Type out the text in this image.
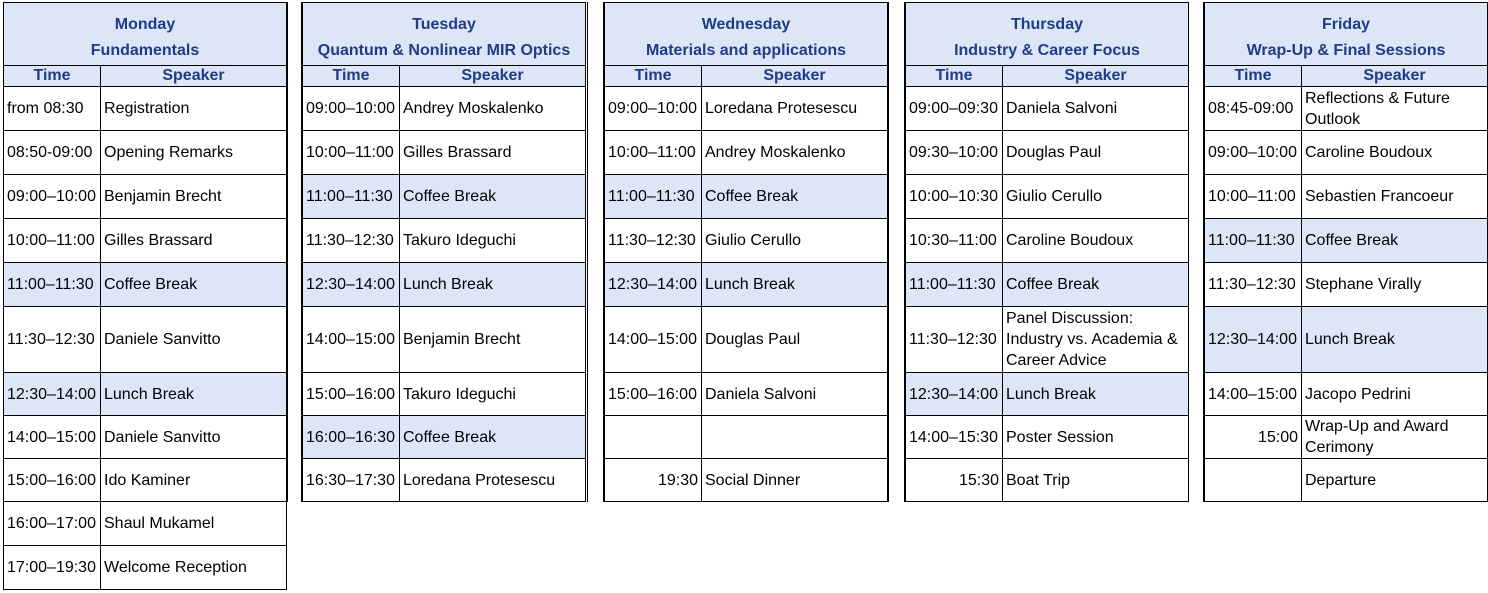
Monday
Fundamentals	

Time	Speaker
from 08:30	Registration
08:50-09:00	Opening Remarks
09:00–10:00	Benjamin Brecht
10:00–11:00	Gilles Brassard
11:00–11:30	Coffee Break
11:30–12:30	Daniele Sanvitto
12:30–14:00	Lunch Break
14:00–15:00	Daniele Sanvitto
15:00–16:00	Ido Kaminer
16:00–17:00	Shaul Mukamel
17:00–19:30	Welcome Reception
Tuesday
Quantum & Nonlinear MIR Optics	

Time	Speaker
09:00–10:00	Andrey Moskalenko
10:00–11:00	Gilles Brassard
11:00–11:30	Coffee Break
11:30–12:30	Takuro Ideguchi
12:30–14:00	Lunch Break
14:00–15:00	Benjamin Brecht
15:00–16:00	Takuro Ideguchi
16:00–16:30	Coffee Break
16:30–17:30	Loredana Protesescu
Wednesday
Materials and applications	

Time	Speaker
09:00–10:00	Loredana Protesescu
10:00–11:00	Andrey Moskalenko
11:00–11:30	Coffee Break
11:30–12:30	Giulio Cerullo
12:30–14:00	Lunch Break
14:00–15:00	Douglas Paul
15:00–16:00	Daniela Salvoni

19:30	Social Dinner
Thursday
Industry & Career Focus	

Time	Speaker
09:00–09:30	Daniela Salvoni
09:30–10:00	Douglas Paul
10:00–10:30	Giulio Cerullo
10:30–11:00	Caroline Boudoux
11:00–11:30	Coffee Break
11:30–12:30	Panel Discussion: Industry vs. Academia & Career Advice
12:30–14:00	Lunch Break
14:00–15:30	Poster Session
15:30	Boat Trip
Friday
Wrap-Up & Final Sessions	

Time	Speaker
08:45-09:00	Reflections & Future Outlook
09:00–10:00	Caroline Boudoux
10:00–11:00	Sebastien Francoeur
11:00–11:30	Coffee Break
11:30–12:30	Stephane Virally
12:30–14:00	Lunch Break
14:00–15:00	Jacopo Pedrini
15:00	Wrap-Up and Award Cerimony
	Departure
